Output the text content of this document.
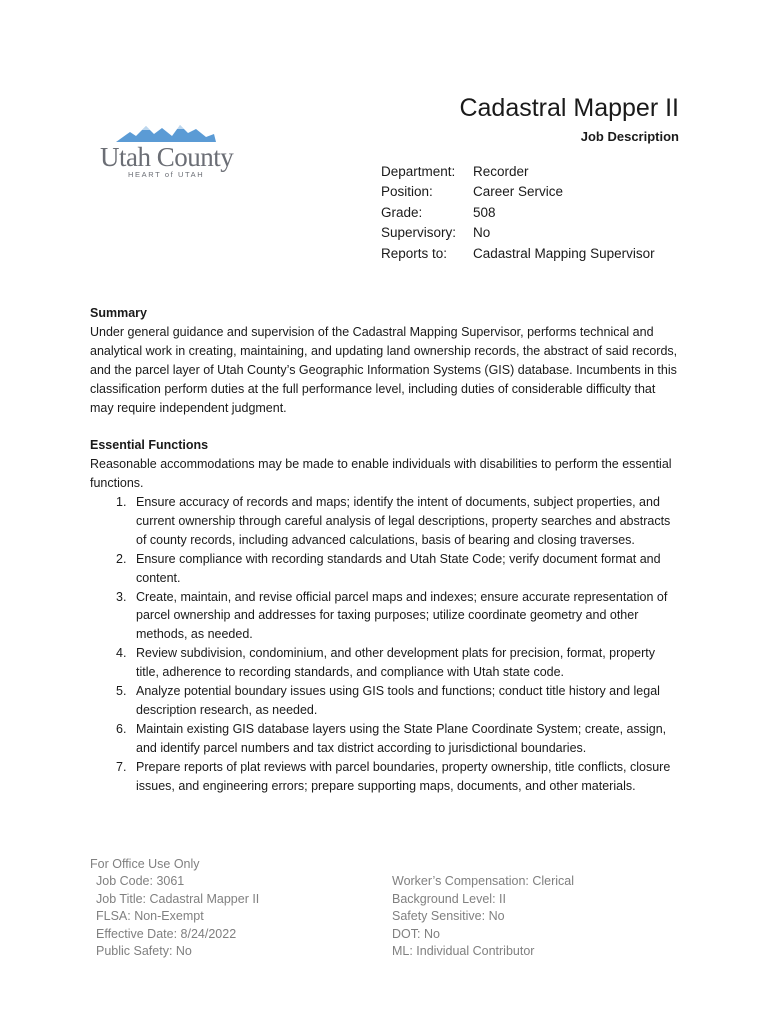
Utah County
HEART of UTAH
Cadastral Mapper II
Job Description
Department:	Recorder
Position:	Career Service
Grade:	508
Supervisory:	No
Reports to:	Cadastral Mapping Supervisor
Summary

Under general guidance and supervision of the Cadastral Mapping Supervisor, performs technical and analytical work in creating, maintaining, and updating land ownership records, the abstract of said records, and the parcel layer of Utah County’s Geographic Information Systems (GIS) database. Incumbents in this classification perform duties at the full performance level, including duties of considerable difficulty that may require independent judgment.

Essential Functions

Reasonable accommodations may be made to enable individuals with disabilities to perform the essential functions.

1. Ensure accuracy of records and maps; identify the intent of documents, subject properties, and current ownership through careful analysis of legal descriptions, property searches and abstracts of county records, including advanced calculations, basis of bearing and closing traverses.
2. Ensure compliance with recording standards and Utah State Code; verify document format and content.
3. Create, maintain, and revise official parcel maps and indexes; ensure accurate representation of parcel ownership and addresses for taxing purposes; utilize coordinate geometry and other methods, as needed.
4. Review subdivision, condominium, and other development plats for precision, format, property title, adherence to recording standards, and compliance with Utah state code.
5. Analyze potential boundary issues using GIS tools and functions; conduct title history and legal description research, as needed.
6. Maintain existing GIS database layers using the State Plane Coordinate System; create, assign, and identify parcel numbers and tax district according to jurisdictional boundaries.
7. Prepare reports of plat reviews with parcel boundaries, property ownership, title conflicts, closure issues, and engineering errors; prepare supporting maps, documents, and other materials.
For Office Use Only
Job Code: 3061
Job Title: Cadastral Mapper II
FLSA: Non-Exempt
Effective Date: 8/24/2022
Public Safety: No
Worker’s Compensation: Clerical
Background Level: II
Safety Sensitive: No
DOT: No
ML: Individual Contributor
